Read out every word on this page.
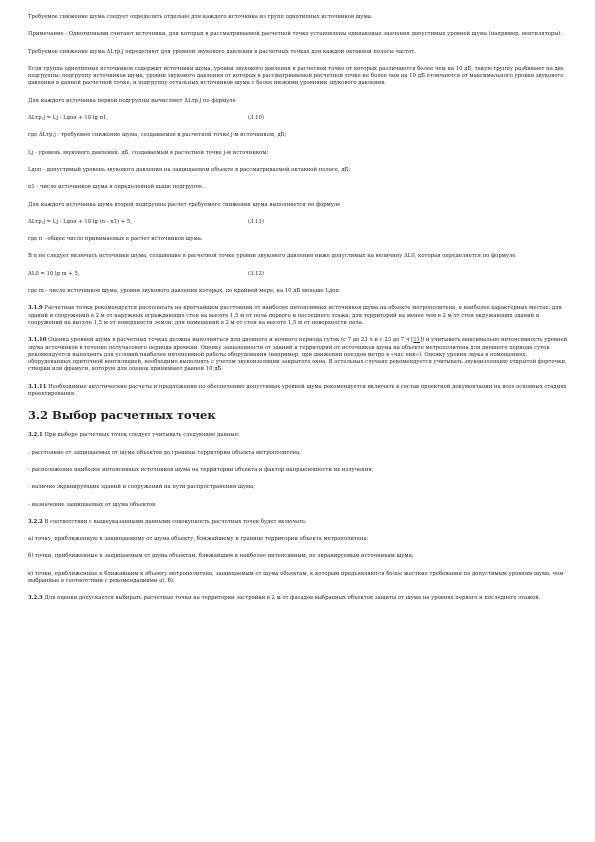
Требуемое снижение шума следует определять отдельно для каждого источника из групп однотипных источников шума.

Примечание - Однотипными считают источники, для которых в рассматриваемой расчетной точке установлены одинаковые значения допустимых уровней шума (например, вентиляторы).

Требуемое снижение шума ΔLтр.j определяют для уровней звукового давления в расчетных точках для каждой октавной полосы частот.

Если группа однотипных источников содержит источники шума, уровни звукового давления в расчетной точке от которых различаются более чем на 10 дБ, такую группу разбивают на две подгруппы: подгруппу источников шума, уровни звукового давления от которых в рассматриваемой расчетной точке не более чем на 10 дБ отличаются от максимального уровня звукового давления в данной расчетной точке, и подгруппу остальных источников шума с более низкими уровнями звукового давления.

Для каждого источника первой подгруппы вычисляют ΔLтр.j по формуле

ΔLтр.j = Lj - Lдоп + 10 lg n1,	(3.10)

где ΔLтр.j - требуемое снижение шума, создаваемое в расчетной точке j-м источником, дБ;

Lj - уровень звукового давления, дБ, создаваемый в расчетной точке j-м источником;

Lдоп - допустимый уровень звукового давления на защищаемом объекте в рассматриваемой октавной полосе, дБ;

n1 - число источников шума в определенной выше подгруппе.

Для каждого источника шума второй подгруппы расчет требуемого снижения шума выполняется по формуле

ΔLтр.j = Lj - Lдоп + 10 lg (n - n1) + 5,	(3.11)

где n - общее число принимаемых в расчет источников шума.

В n не следует включать источники шума, создающие в расчетной точке уровни звукового давления ниже допустимых на величину ΔL0, которая определяется по формуле

ΔL0 = 10 lg m + 5,	(3.12)

где m - число источников шума, уровни звукового давления которых, по крайней мере, на 10 дБ меньше Lдоп.

3.1.9 Расчетные точки рекомендуется располагать на кратчайшем расстоянии от наиболее интенсивных источников шума на объекте метрополитена, в наиболее характерных местах: для зданий и сооружений в 2 м от наружных ограждающих стен на высоте 1,5 м от пола первого и последнего этажа; для территорий на менее чем в 2 м от стен окружающих зданий и сооружений на высоте 1,5 м от поверхности земли; для помещений в 2 м от стен на высоте 1,5 м от поверхности пола.

3.1.10 Оценка уровней шума в расчетных точках должна выполняться для дневного и ночного периода суток (с 7 до 23 ч и с 23 до 7 ч [11]) и учитывать максимально интенсивность уровней звука источников в течение получасового периода времени. Оценку запыленности от зданий и территории от источников шума на объекте метрополитена для дневного периода суток рекомендуется выполнять для условий наиболее интенсивной работы оборудования (например, при движении поездов метро в «час пик»). Оценку уровня звука в помещениях, оборудованных приточной вентиляцией, необходимо выполнять с учетом звукоизоляции закрытого окна. В остальных случаях рекомендуется учитывать звукоизоляцию открытой форточки, створки или фрамуги, которую для оценок принимают равной 10 дБ.

3.1.11 Необходимые акустические расчеты и предложения по обеспечению допустимых уровней шума рекомендуется включать в состав проектной документации на всех основных стадиях проектирования.

3.2 Выбор расчетных точек

3.2.1 При выборе расчетных точек следует учитывать следующие данные:

- расстояние от защищаемых от шума объектов до границы территории объекта метрополитена;

- расположение наиболее интенсивных источников шума на территории объекта и фактор направленности их излучения;

- наличие экранирующих зданий и сооружений на пути распространения шума;

- назначение защищаемых от шума объектов.

3.2.2 В соответствии с вышеуказанными данными совокупность расчетных точек будет включать:

а) точку, приближенную к защищаемому от шума объекту, ближайшему к границе территории объекта метрополитена;

б) точки, приближенные к защищаемым от шума объектам, ближайшим к наиболее интенсивным, не экранируемым источникам шума;

в) точки, приближенные к ближайшим к объекту метрополитена, защищаемым от шума объектам, к которым предъявляются более жесткие требования по допустимым уровням шума, чем выбранные в соответствии с рекомендациями а), б).

3.2.3 Для оценки допускается выбирать расчетные точки на территории застройки в 2 м от фасадов выбранных объектов защиты от шума на уровнях первого и последнего этажей.
